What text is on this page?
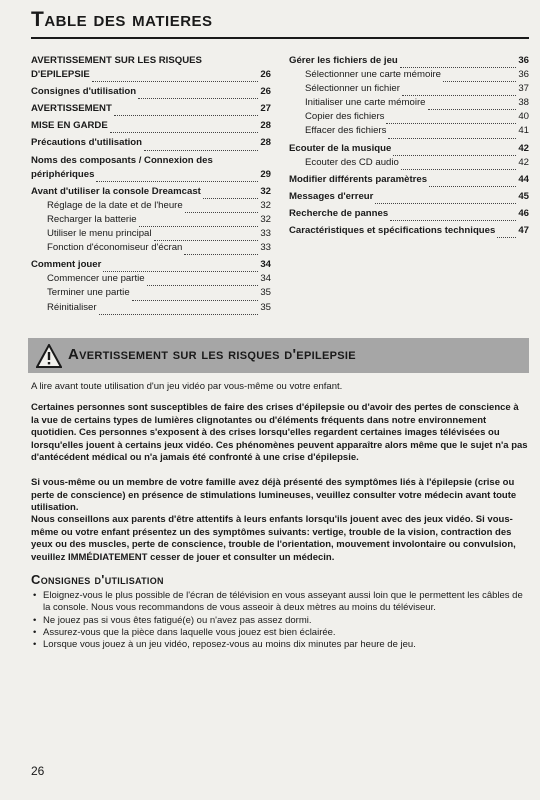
Table des matieres
AVERTISSEMENT SUR LES RISQUES
D'EPILEPSIE	26
Consignes d'utilisation	26
AVERTISSEMENT	27
MISE EN GARDE	28
Précautions d'utilisation	28
Noms des composants / Connexion des
périphériques	29
Avant d'utiliser la console Dreamcast	32
Réglage de la date et de l'heure	32
Recharger la batterie	32
Utiliser le menu principal	33
Fonction d'économiseur d'écran	33
Comment jouer	34
Commencer une partie	34
Terminer une partie	35
Réinitialiser	35
Gérer les fichiers de jeu	36
Sélectionner une carte mémoire	36
Sélectionner un fichier	37
Initialiser une carte mémoire	38
Copier des fichiers	40
Effacer des fichiers	41
Ecouter de la musique	42
Ecouter des CD audio	42
Modifier différents paramètres	44
Messages d'erreur	45
Recherche de pannes	46
Caractéristiques et spécifications techniques 47
Avertissement sur les risques d'epilepsie
A lire avant toute utilisation d'un jeu vidéo par vous-même ou votre enfant.
Certaines personnes sont susceptibles de faire des crises d'épilepsie ou d'avoir des pertes de conscience à la vue de certains types de lumières clignotantes ou d'éléments fréquents dans notre environnement quotidien. Ces personnes s'exposent à des crises lorsqu'elles regardent certaines images télévisées ou lorsqu'elles jouent à certains jeux vidéo. Ces phénomènes peuvent apparaître alors même que le sujet n'a pas d'antécédent médical ou n'a jamais été confronté à une crise d'épilepsie.
Si vous-même ou un membre de votre famille avez déjà présenté des symptômes liés à l'épilepsie (crise ou perte de conscience) en présence de stimulations lumineuses, veuillez consulter votre médecin avant toute utilisation.
Nous conseillons aux parents d'être attentifs à leurs enfants lorsqu'ils jouent avec des jeux vidéo. Si vous-même ou votre enfant présentez un des symptômes suivants: vertige, trouble de la vision, contraction des yeux ou des muscles, perte de conscience, trouble de l'orientation, mouvement involontaire ou convulsion, veuillez IMMÉDIATEMENT cesser de jouer et consulter un médecin.
Consignes d'utilisation
• Eloignez-vous le plus possible de l'écran de télévision en vous asseyant aussi loin que le permettent les câbles de la console. Nous vous recommandons de vous asseoir à deux mètres au moins du téléviseur.
• Ne jouez pas si vous êtes fatigué(e) ou n'avez pas assez dormi.
• Assurez-vous que la pièce dans laquelle vous jouez est bien éclairée.
• Lorsque vous jouez à un jeu vidéo, reposez-vous au moins dix minutes par heure de jeu.
26
